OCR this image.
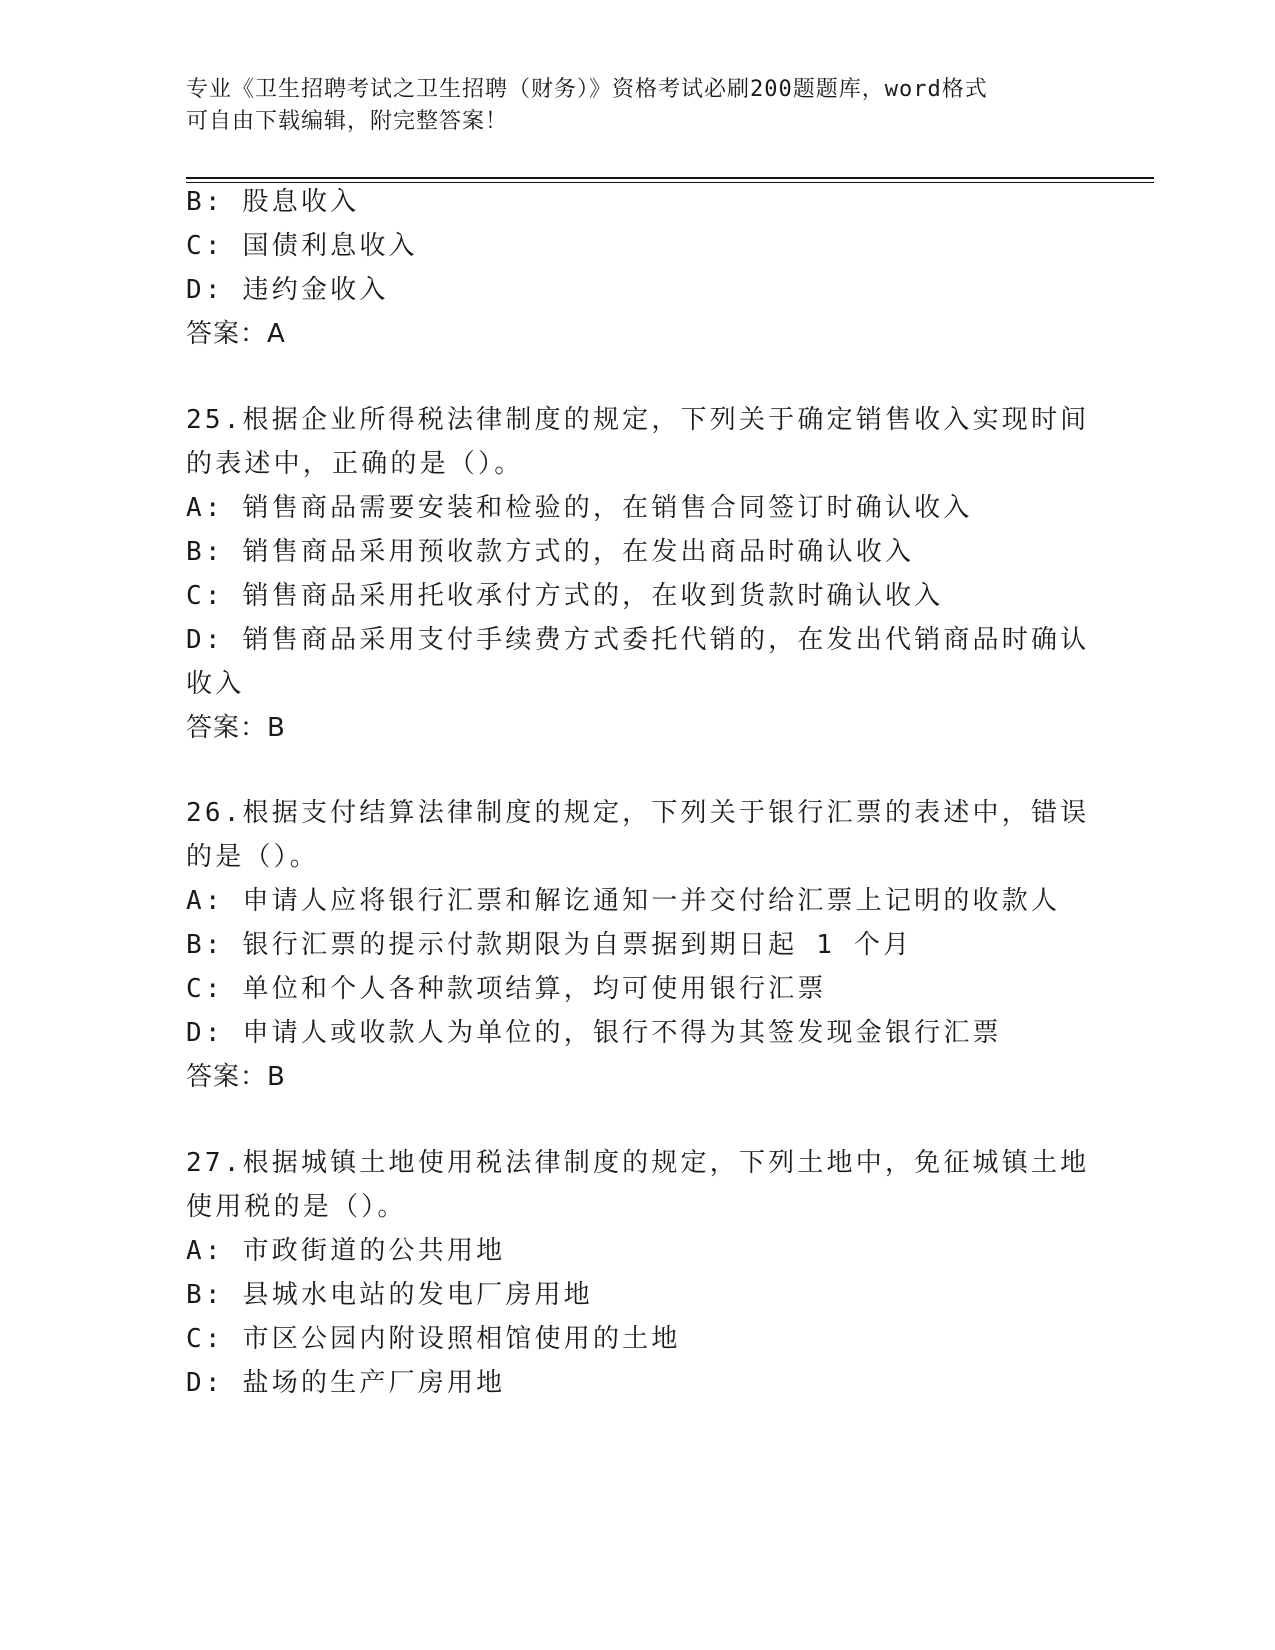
专业《卫生招聘考试之卫生招聘（财务）》资格考试必刷200题题库，word格式
可自由下载编辑，附完整答案！
B: 股息收入
C: 国债利息收入
D: 违约金收入
答案：A
25.根据企业所得税法律制度的规定，下列关于确定销售收入实现时间
的表述中，正确的是（）。
A: 销售商品需要安装和检验的，在销售合同签订时确认收入
B: 销售商品采用预收款方式的，在发出商品时确认收入
C: 销售商品采用托收承付方式的，在收到货款时确认收入
D: 销售商品采用支付手续费方式委托代销的，在发出代销商品时确认
收入
答案：B
26.根据支付结算法律制度的规定，下列关于银行汇票的表述中，错误
的是（）。
A: 申请人应将银行汇票和解讫通知一并交付给汇票上记明的收款人
B: 银行汇票的提示付款期限为自票据到期日起 1 个月
C: 单位和个人各种款项结算，均可使用银行汇票
D: 申请人或收款人为单位的，银行不得为其签发现金银行汇票
答案：B
27.根据城镇土地使用税法律制度的规定，下列土地中，免征城镇土地
使用税的是（）。
A: 市政街道的公共用地
B: 县城水电站的发电厂房用地
C: 市区公园内附设照相馆使用的土地
D: 盐场的生产厂房用地
